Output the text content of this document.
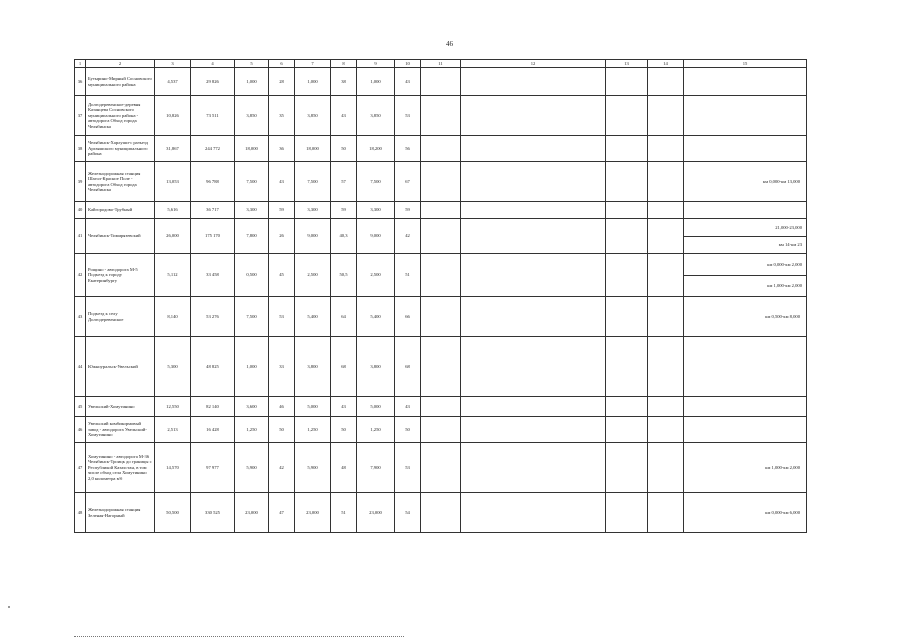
46
1	2	3	4	5	6	7	8	9	10	11	12	13	14	15
36	Бутырино-Мирный Сосновского муниципального района	4,537	29 826	1,000	28	1,000	38	1,000	43					
37	Долгодеревенское-деревня Казанцева Сосновского муниципального района - автодорога Обход города Челябинска	10,826	73 511	3,850	35	3,850	43	3,850	53					
38	Челябинск-Харлуши-с разъезд Аргаяшского муниципального района	31,867	244 772	18,000	36	18,000	50	18,200	56					
39	Железнодорожная станция Шагол-Красное Поле - автодорога Обход города Челябинска	13,053	96 788	7,500	43	7,500	57	7,500	67					км 0,000-км 13,000

40	Кайгородово-Трубный	5,616	36 717	3,300	59	3,300	59	3,300	59					
41	Челябинск-Тимирязевский	26,000	175 170	7,800	26	9,000	40,3	9,000	42					21,000-23,000
км 14-км 23

42	Рощино - автодорога М-5 Подъезд к городу Екатеринбургу	5,112	33 458	0,500	45	2,500	50,5	2,500	51					км 0,000-км 2,000
км 1,000-км 2,000

43	Подъезд к селу Долгодеревенское	8,140	53 276	7,500	53	5,400	64	5,400	66					км 0,500-км 8,000

44	Южноуральск-Увельский	5,300	48 825	1,000	33	3,800	68	3,800	68					
45	Увельский-Хомутинино	12,550	82 140	3,600	46	5,000	43	5,000	43					
46	Увельский комбикормовый завод - автодорога Увельский-Хомутинино	2,513	16 428	1,250	50	1,250	50	1,250	50					
47	Хомутинино - автодорога М-36 Челябинск-Троицк до границы с Республикой Казахстан, в том числе обход села Хомутинино 2,0 километра в/б	14,570	97 977	5,900	42	5,900	48	7,900	53					км 1,000-км 2,000

48	Железнодорожная станция Зеленая-Нагорный	50,500	330 525	23,000	47	23,000	51	23,000	54					км 0,000-км 6,000
